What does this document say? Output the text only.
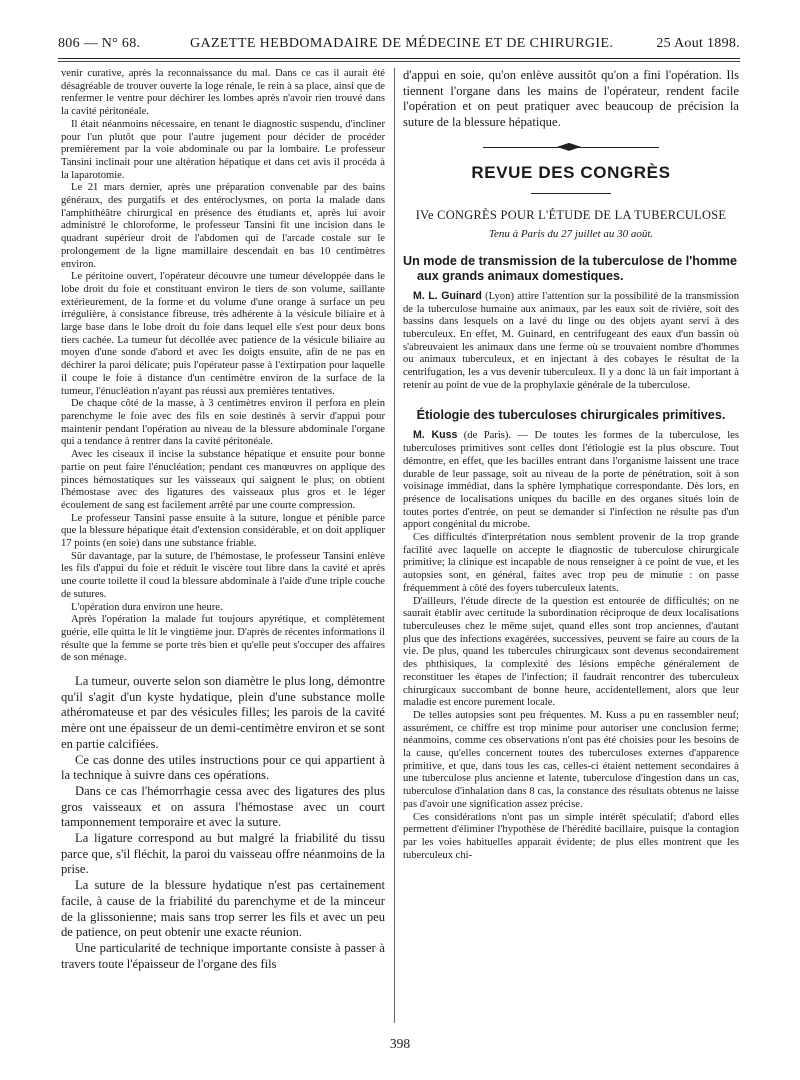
806 — N° 68.	GAZETTE HEBDOMADAIRE DE MÉDECINE ET DE CHIRURGIE.	25 Aout 1898.

venir curative, après la reconnaissance du mal. Dans ce cas il aurait été désagréable de trouver ouverte la loge rénale, le rein à sa place, ainsi que de renfermer le ventre pour déchirer les lombes après n'avoir rien trouvé dans la cavité péritonéale.

Il était néanmoins nécessaire, en tenant le diagnostic suspendu, d'incliner pour l'un plutôt que pour l'autre jugement pour décider de procéder premièrement par la voie abdominale ou par la lombaire. Le professeur Tansini inclinait pour une altération hépatique et dans cet avis il procéda à la laparotomie.

Le 21 mars dernier, après une préparation convenable par des bains généraux, des purgatifs et des entéroclysmes, on porta la malade dans l'amphithéâtre chirurgical en présence des étudiants et, après lui avoir administré le chloroforme, le professeur Tansini fit une incision dans le quadrant supérieur droit de l'abdomen qui de l'arcade costale sur le prolongement de la ligne mamillaire descendait en bas 10 centimètres environ.

Le péritoine ouvert, l'opérateur découvre une tumeur développée dans le lobe droit du foie et constituant environ le tiers de son volume, saillante extérieurement, de la forme et du volume d'une orange à surface un peu irrégulière, à consistance fibreuse, très adhérente à la vésicule biliaire et à large base dans le lobe droit du foie dans lequel elle s'est pour deux bons tiers cachée. La tumeur fut décollée avec patience de la vésicule biliaire au moyen d'une sonde d'abord et avec les doigts ensuite, afin de ne pas en déchirer la paroi délicate; puis l'opérateur passe à l'extirpation pour laquelle il coupe le foie à distance d'un centimètre environ de la surface de la tumeur, l'énucléation n'ayant pas réussi aux premières tentatives.

De chaque côté de la masse, à 3 centimètres environ il perfora en plein parenchyme le foie avec des fils en soie destinés à servir d'appui pour maintenir pendant l'opération au niveau de la blessure abdominale l'organe qui a tendance à rentrer dans la cavité péritonéale.

Avec les ciseaux il incise la substance hépatique et ensuite pour bonne partie on peut faire l'énucléation; pendant ces manœuvres on applique des pinces hémostatiques sur les vaisseaux qui saignent le plus; on obtient l'hémostase avec des ligatures des vaisseaux plus gros et le léger écoulement de sang est facilement arrêté par une courte compression.

Le professeur Tansini passe ensuite à la suture, longue et pénible parce que la blessure hépatique était d'extension considérable, et on doit appliquer 17 points (en soie) dans une substance friable.

Sûr davantage, par la suture, de l'hémostase, le professeur Tansini enlève les fils d'appui du foie et réduit le viscère tout libre dans la cavité et après une courte toilette il coud la blessure abdominale à l'aide d'une triple couche de sutures.

L'opération dura environ une heure.

Après l'opération la malade fut toujours apyrétique, et complètement guérie, elle quitta le lit le vingtième jour. D'après de récentes informations il résulte que la femme se porte très bien et qu'elle peut s'occuper des affaires de son ménage.

La tumeur, ouverte selon son diamètre le plus long, démontre qu'il s'agit d'un kyste hydatique, plein d'une substance molle athéromateuse et par des vésicules filles; les parois de la cavité mère ont une épaisseur de un demi-centimètre environ et se sont en partie calcifiées.

Ce cas donne des utiles instructions pour ce qui appartient à la technique à suivre dans ces opérations.

Dans ce cas l'hémorrhagie cessa avec des ligatures des plus gros vaisseaux et on assura l'hémostase avec un court tamponnement temporaire et avec la suture.

La ligature correspond au but malgré la friabilité du tissu parce que, s'il fléchit, la paroi du vaisseau offre néanmoins de la prise.

La suture de la blessure hydatique n'est pas certainement facile, à cause de la friabilité du parenchyme et de la minceur de la glissonienne; mais sans trop serrer les fils et avec un peu de patience, on peut obtenir une exacte réunion.

Une particularité de technique importante consiste à passer à travers toute l'épaisseur de l'organe des fils

d'appui en soie, qu'on enlève aussitôt qu'on a fini l'opération. Ils tiennent l'organe dans les mains de l'opérateur, rendent facile l'opération et on peut pratiquer avec beaucoup de précision la suture de la blessure hépatique.

REVUE DES CONGRÈS
IVe CONGRÈS POUR L'ÉTUDE DE LA TUBERCULOSE
Tenu à Paris du 27 juillet au 30 août.
Un mode de transmission de la tuberculose de l'homme aux grands animaux domestiques.

M. L. Guinard (Lyon) attire l'attention sur la possibilité de la transmission de la tuberculose humaine aux animaux, par les eaux soit de rivière, soit des bassins dans lesquels on a lavé du linge ou des objets ayant servi à des tuberculeux. En effet, M. Guinard, en centrifugeant des eaux d'un bassin où s'abreuvaient les animaux dans une ferme où se trouvaient nombre d'hommes ou animaux tuberculeux, et en injectant à des cobayes le résultat de la centrifugation, les a vus devenir tuberculeux. Il y a donc là un fait important à retenir au point de vue de la prophylaxie générale de la tuberculose.

Étiologie des tuberculoses chirurgicales primitives.

M. Kuss (de Paris). — De toutes les formes de la tuberculose, les tuberculoses primitives sont celles dont l'étiologie est la plus obscure. Tout démontre, en effet, que les bacilles entrant dans l'organisme laissent une trace durable de leur passage, soit au niveau de la porte de pénétration, soit à son voisinage immédiat, dans la sphère lymphatique correspondante. Dès lors, en présence de localisations uniques du bacille en des organes situés loin de toutes portes d'entrée, on peut se demander si l'infection ne résulte pas d'un apport congénital du microbe.

Ces difficultés d'interprétation nous semblent provenir de la trop grande facilité avec laquelle on accepte le diagnostic de tuberculose chirurgicale primitive; la clinique est incapable de nous renseigner à ce point de vue, et les autopsies sont, en général, faites avec trop peu de minutie : on passe fréquemment à côté des foyers tuberculeux latents.

D'ailleurs, l'étude directe de la question est entourée de difficultés; on ne saurait établir avec certitude la subordination réciproque de deux localisations tuberculeuses chez le même sujet, quand elles sont trop anciennes, d'autant plus que des infections exagérées, successives, peuvent se faire au cours de la vie. De plus, quand les tubercules chirurgicaux sont devenus secondairement des phthisiques, la complexité des lésions empêche généralement de reconstituer les étapes de l'infection; il faudrait rencontrer des tuberculeux chirurgicaux succombant de bonne heure, accidentellement, alors que leur maladie est encore purement locale.

De telles autopsies sont peu fréquentes. M. Kuss a pu en rassembler neuf; assurément, ce chiffre est trop minime pour autoriser une conclusion ferme; néanmoins, comme ces observations n'ont pas été choisies pour les besoins de la cause, qu'elles concernent toutes des tuberculoses externes d'apparence primitive, et que, dans tous les cas, celles-ci étaient nettement secondaires à une tuberculose plus ancienne et latente, tuberculose d'ingestion dans un cas, tuberculose d'inhalation dans 8 cas, la constance des résultats obtenus ne laisse pas d'avoir une signification assez précise.

Ces considérations n'ont pas un simple intérêt spéculatif; d'abord elles permettent d'éliminer l'hypothèse de l'hérédité bacillaire, puisque la contagion par les voies habituelles apparait évidente; de plus elles montrent que les tuberculeux chi-

398
